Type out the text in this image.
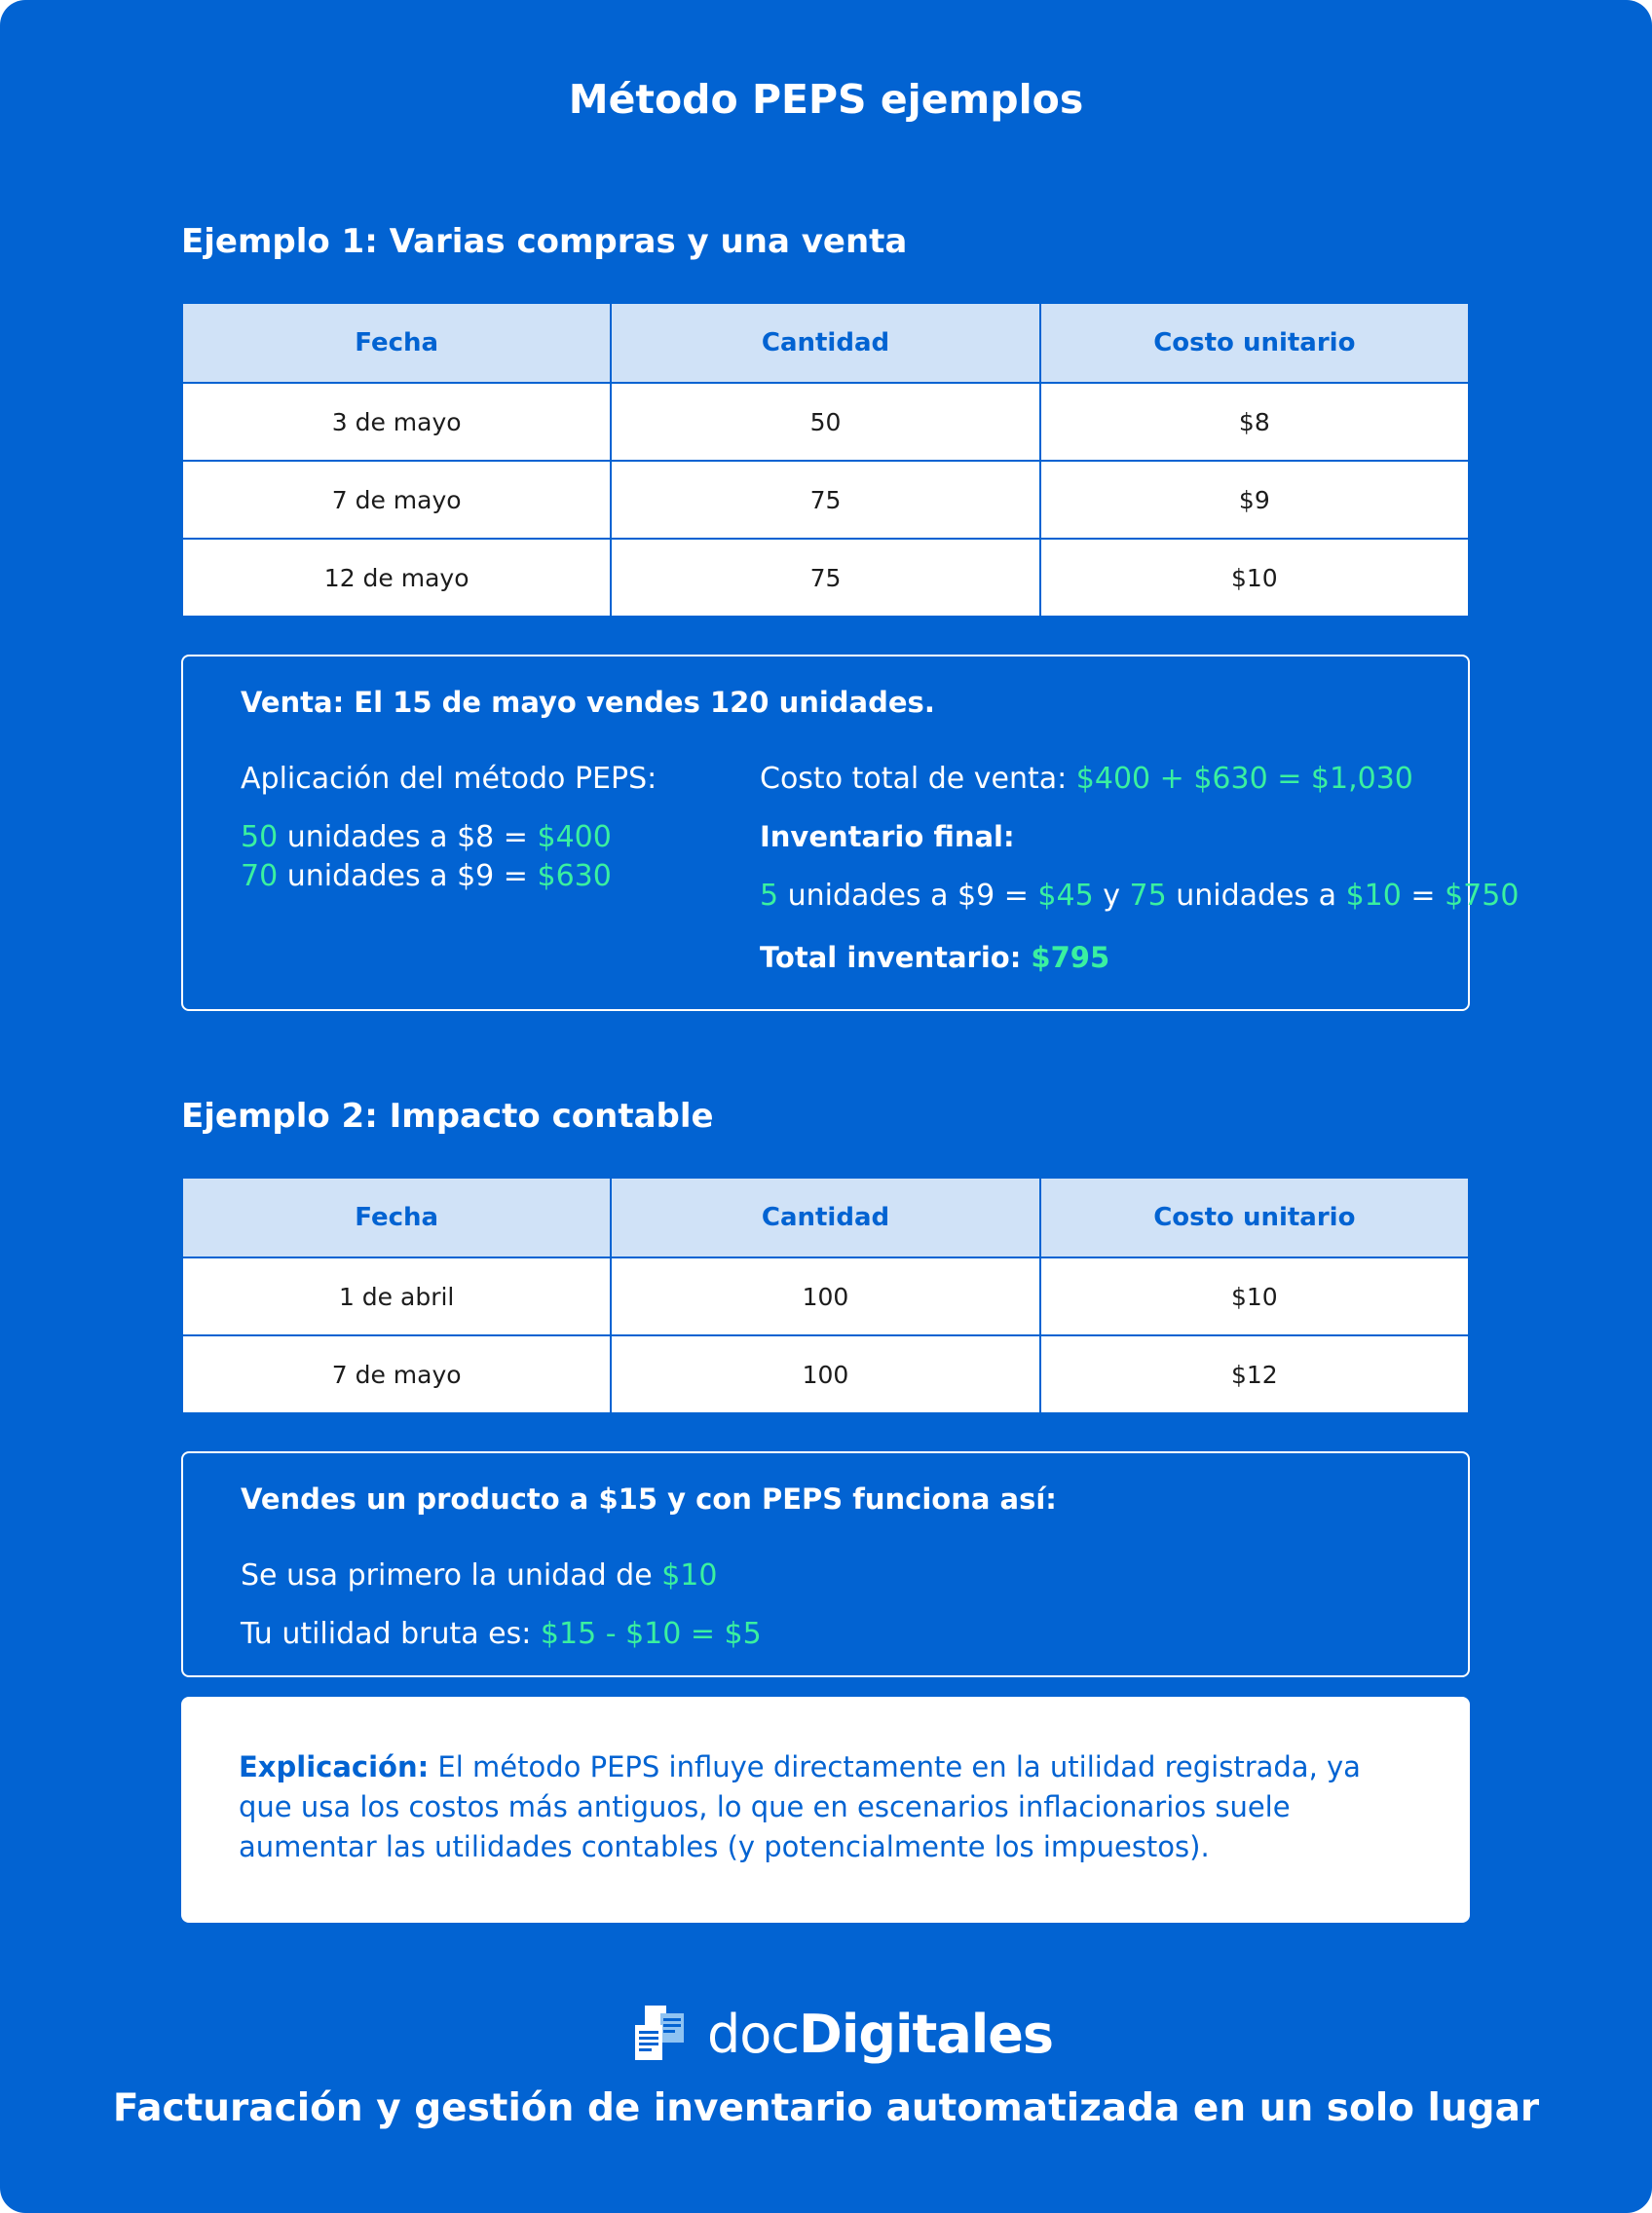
Método PEPS ejemplos
Ejemplo 1: Varias compras y una venta
Fecha	Cantidad	Costo unitario
3 de mayo	50	$8
7 de mayo	75	$9
12 de mayo	75	$10
Venta: El 15 de mayo vendes 120 unidades.
Aplicación del método PEPS:
50 unidades a $8 = $400
70 unidades a $9 = $630
Costo total de venta: $400 + $630 = $1,030
Inventario final:
5 unidades a $9 = $45 y 75 unidades a $10 = $750
Total inventario: $795
Ejemplo 2: Impacto contable
Fecha	Cantidad	Costo unitario
1 de abril	100	$10
7 de mayo	100	$12
Vendes un producto a $15 y con PEPS funciona así:
Se usa primero la unidad de $10
Tu utilidad bruta es: $15 - $10 = $5
Explicación: El método PEPS influye directamente en la utilidad registrada, ya que usa los costos más antiguos, lo que en escenarios inflacionarios suele aumentar las utilidades contables (y potencialmente los impuestos).
docDigitales
Facturación y gestión de inventario automatizada en un solo lugar
